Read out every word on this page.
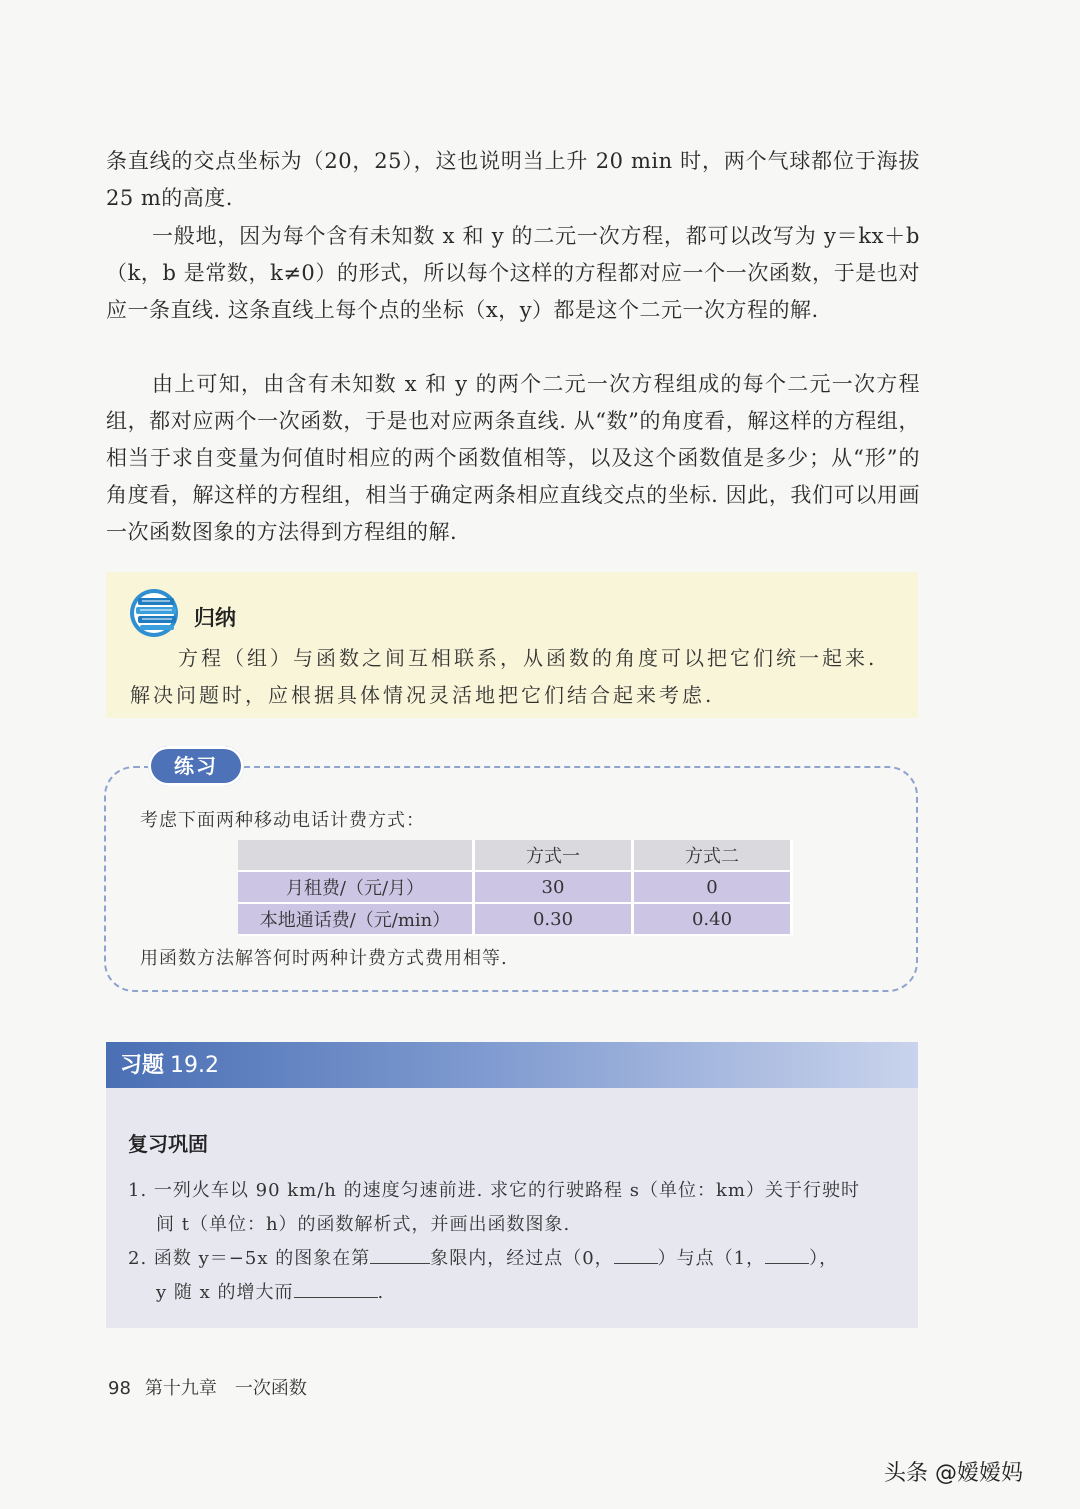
条直线的交点坐标为（20，25），这也说明当上升 20 min 时，两个气球都位于海拔25 m的高度.

一般地，因为每个含有未知数 x 和 y 的二元一次方程，都可以改写为 y＝kx＋b（k，b 是常数，k≠0）的形式，所以每个这样的方程都对应一个一次函数，于是也对应一条直线. 这条直线上每个点的坐标（x，y）都是这个二元一次方程的解.

由上可知，由含有未知数 x 和 y 的两个二元一次方程组成的每个二元一次方程组，都对应两个一次函数，于是也对应两条直线. 从“数”的角度看，解这样的方程组，相当于求自变量为何值时相应的两个函数值相等，以及这个函数值是多少；从“形”的角度看，解这样的方程组，相当于确定两条相应直线交点的坐标. 因此，我们可以用画一次函数图象的方法得到方程组的解.

归纳

方程（组）与函数之间互相联系，从函数的角度可以把它们统一起来. 解决问题时，应根据具体情况灵活地把它们结合起来考虑.

练习

考虑下面两种移动电话计费方式：

	方式一	方式二
月租费/（元/月）	30	0
本地通话费/（元/min）	0.30	0.40

用函数方法解答何时两种计费方式费用相等.

习题 19.2
复习巩固

1. 一列火车以 90 km/h 的速度匀速前进. 求它的行驶路程 s（单位：km）关于行驶时
间 t（单位：h）的函数解析式，并画出函数图象.

2. 函数 y＝−5x 的图象在第	象限内，经过点（0， ）与点（1， ），
y 随 x 的增大而	.

98 第十九章 一次函数
头条 @嫒嫒妈
